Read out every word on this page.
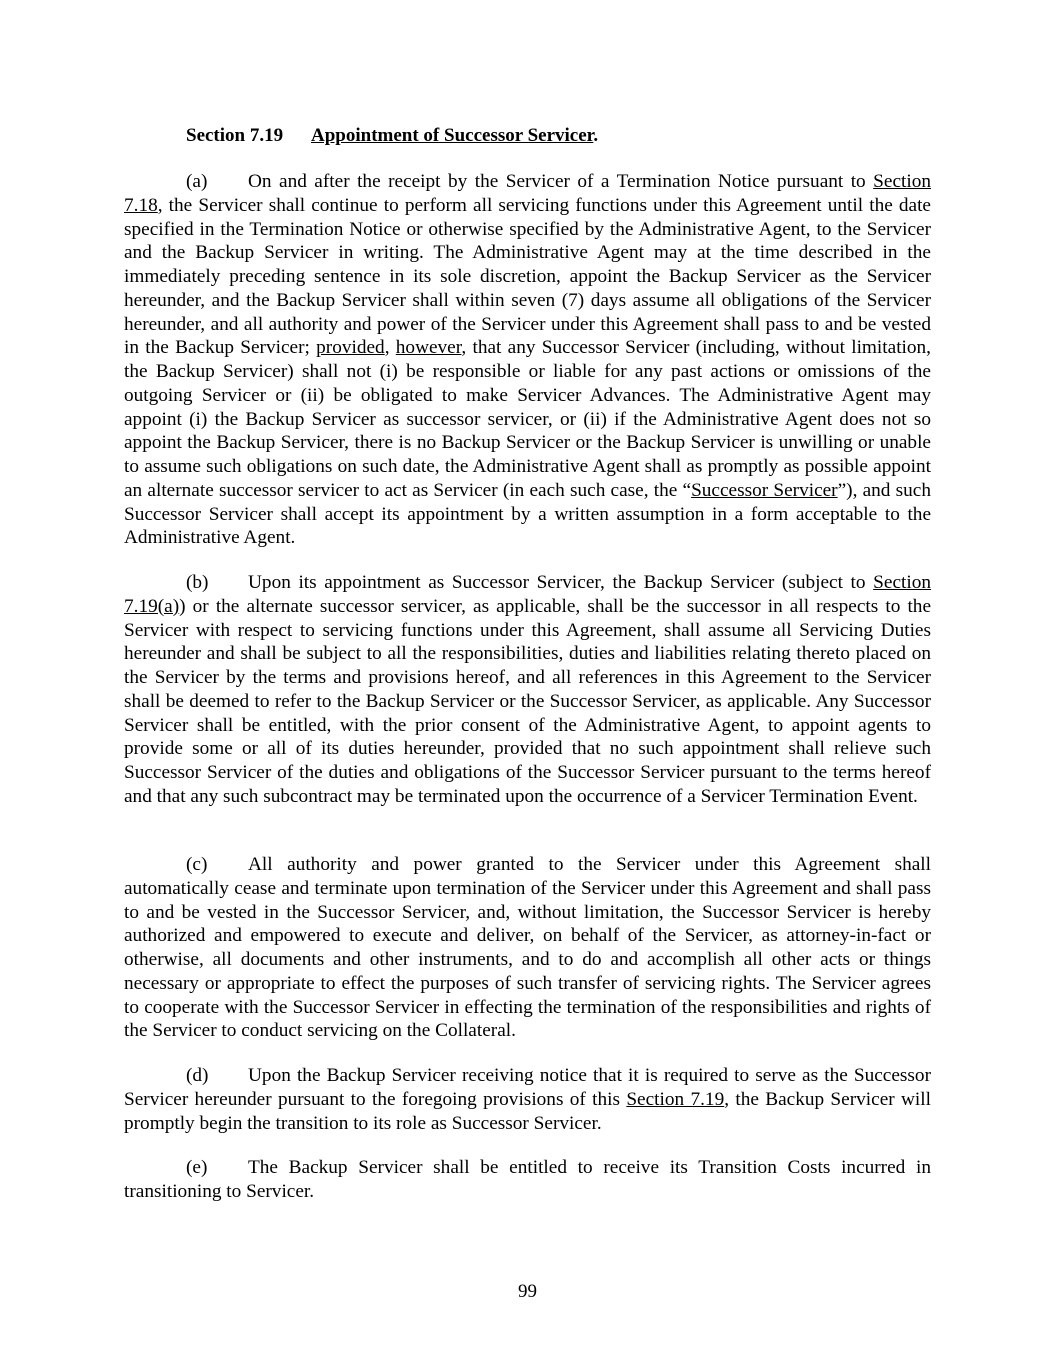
Section 7.19 Appointment of Successor Servicer.
(a) On and after the receipt by the Servicer of a Termination Notice pursuant to Section 7.18, the Servicer shall continue to perform all servicing functions under this Agreement until the date specified in the Termination Notice or otherwise specified by the Administrative Agent, to the Servicer and the Backup Servicer in writing. The Administrative Agent may at the time described in the immediately preceding sentence in its sole discretion, appoint the Backup Servicer as the Servicer hereunder, and the Backup Servicer shall within seven (7) days assume all obligations of the Servicer hereunder, and all authority and power of the Servicer under this Agreement shall pass to and be vested in the Backup Servicer; provided, however, that any Successor Servicer (including, without limitation, the Backup Servicer) shall not (i) be responsible or liable for any past actions or omissions of the outgoing Servicer or (ii) be obligated to make Servicer Advances. The Administrative Agent may appoint (i) the Backup Servicer as successor servicer, or (ii) if the Administrative Agent does not so appoint the Backup Servicer, there is no Backup Servicer or the Backup Servicer is unwilling or unable to assume such obligations on such date, the Administrative Agent shall as promptly as possible appoint an alternate successor servicer to act as Servicer (in each such case, the “Successor Servicer”), and such Successor Servicer shall accept its appointment by a written assumption in a form acceptable to the Administrative Agent.
(b) Upon its appointment as Successor Servicer, the Backup Servicer (subject to Section 7.19(a)) or the alternate successor servicer, as applicable, shall be the successor in all respects to the Servicer with respect to servicing functions under this Agreement, shall assume all Servicing Duties hereunder and shall be subject to all the responsibilities, duties and liabilities relating thereto placed on the Servicer by the terms and provisions hereof, and all references in this Agreement to the Servicer shall be deemed to refer to the Backup Servicer or the Successor Servicer, as applicable. Any Successor Servicer shall be entitled, with the prior consent of the Administrative Agent, to appoint agents to provide some or all of its duties hereunder, provided that no such appointment shall relieve such Successor Servicer of the duties and obligations of the Successor Servicer pursuant to the terms hereof and that any such subcontract may be terminated upon the occurrence of a Servicer Termination Event.
(c) All authority and power granted to the Servicer under this Agreement shall automatically cease and terminate upon termination of the Servicer under this Agreement and shall pass to and be vested in the Successor Servicer, and, without limitation, the Successor Servicer is hereby authorized and empowered to execute and deliver, on behalf of the Servicer, as attorney-in-fact or otherwise, all documents and other instruments, and to do and accomplish all other acts or things necessary or appropriate to effect the purposes of such transfer of servicing rights. The Servicer agrees to cooperate with the Successor Servicer in effecting the termination of the responsibilities and rights of the Servicer to conduct servicing on the Collateral.
(d) Upon the Backup Servicer receiving notice that it is required to serve as the Successor Servicer hereunder pursuant to the foregoing provisions of this Section 7.19, the Backup Servicer will promptly begin the transition to its role as Successor Servicer.
(e) The Backup Servicer shall be entitled to receive its Transition Costs incurred in transitioning to Servicer.
99
